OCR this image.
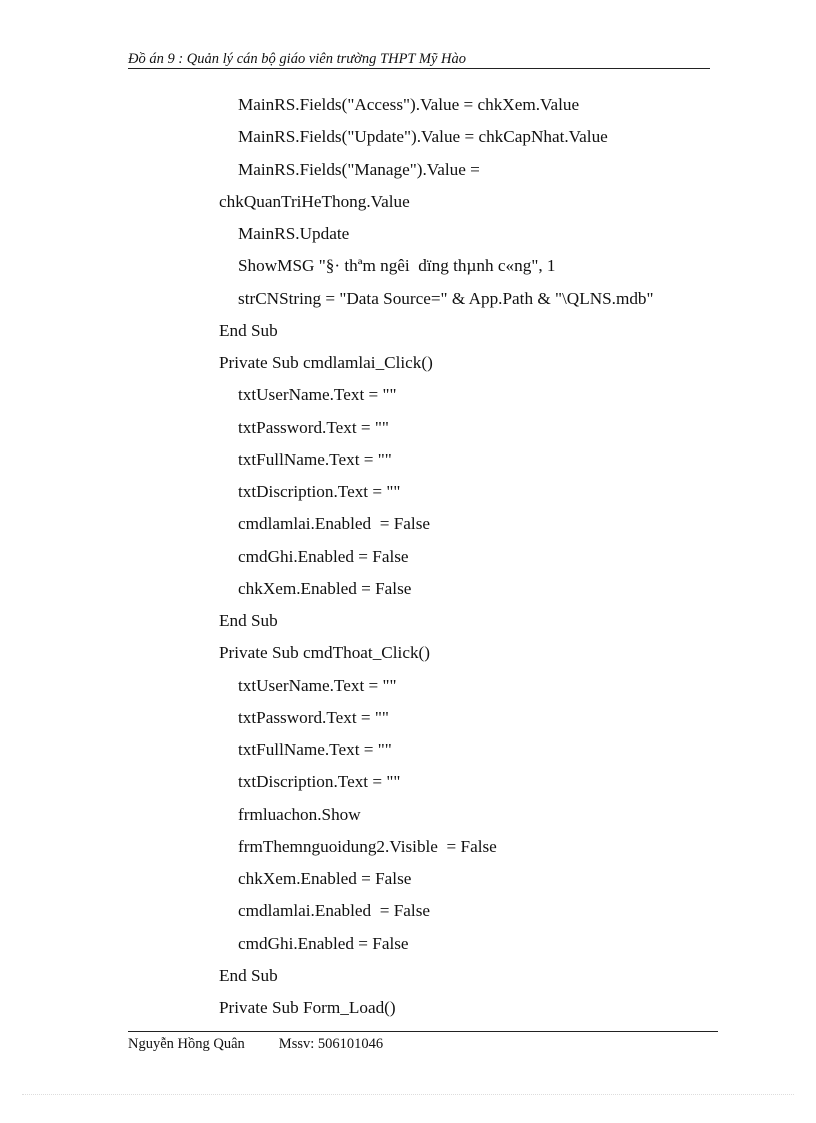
Đồ án 9 : Quản lý cán bộ giáo viên trường THPT Mỹ Hào
MainRS.Fields("Access").Value = chkXem.Value
MainRS.Fields("Update").Value = chkCapNhat.Value
MainRS.Fields("Manage").Value =
chkQuanTriHeThong.Value
MainRS.Update
ShowMSG "§· thªm ngêi  dïng thµnh c«ng", 1
strCNString = "Data Source=" & App.Path & "\QLNS.mdb"
End Sub
Private Sub cmdlamlai_Click()
txtUserName.Text = ""
txtPassword.Text = ""
txtFullName.Text = ""
txtDiscription.Text = ""
cmdlamlai.Enabled  = False
cmdGhi.Enabled = False
chkXem.Enabled = False
End Sub
Private Sub cmdThoat_Click()
txtUserName.Text = ""
txtPassword.Text = ""
txtFullName.Text = ""
txtDiscription.Text = ""
frmluachon.Show
frmThemnguoidung2.Visible  = False
chkXem.Enabled = False
cmdlamlai.Enabled  = False
cmdGhi.Enabled = False
End Sub
Private Sub Form_Load()
Nguyễn Hồng Quân Mssv: 506101046
